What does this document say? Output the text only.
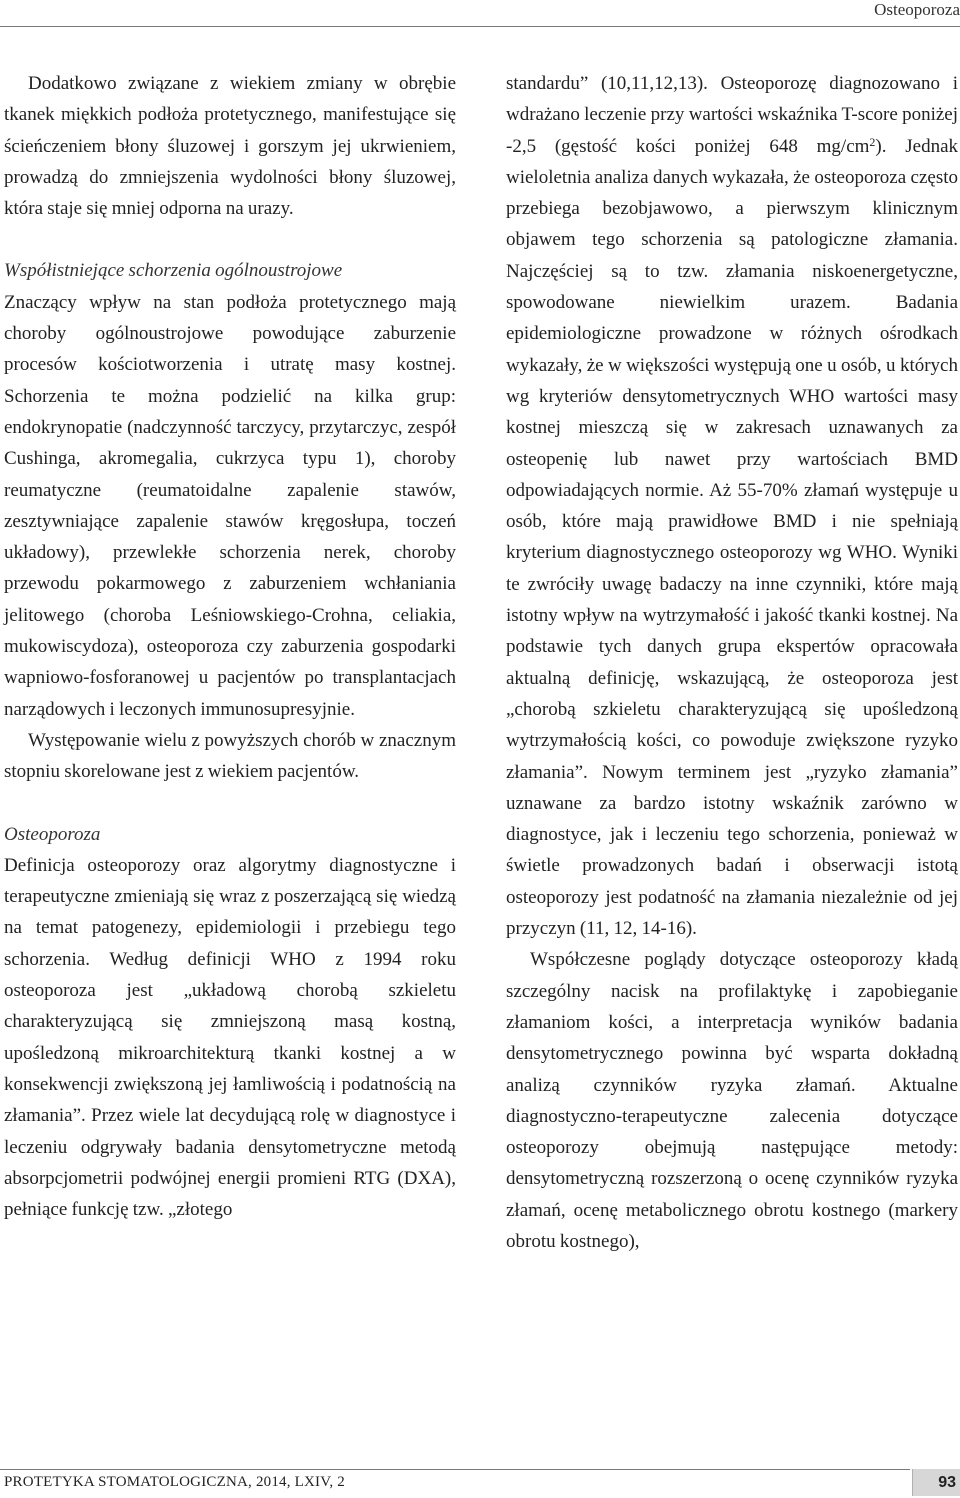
Osteoporoza

Dodatkowo związane z wiekiem zmiany w obrębie tkanek miękkich podłoża protetycznego, manifestujące się ścieńczeniem błony śluzowej i gorszym jej ukrwieniem, prowadzą do zmniejszenia wydolności błony śluzowej, która staje się mniej odporna na urazy.

Współistniejące schorzenia ogólnoustrojowe

Znaczący wpływ na stan podłoża protetycznego mają choroby ogólnoustrojowe powodujące zaburzenie procesów kościotworzenia i utratę masy kostnej. Schorzenia te można podzielić na kilka grup: endokrynopatie (nadczynność tarczycy, przytarczyc, zespół Cushinga, akromegalia, cukrzyca typu 1), choroby reumatyczne (reumatoidalne zapalenie stawów, zesztywniające zapalenie stawów kręgosłupa, toczeń układowy), przewlekłe schorzenia nerek, choroby przewodu pokarmowego z zaburzeniem wchłaniania jelitowego (choroba Leśniowskiego-Crohna, celiakia, mukowiscydoza), osteoporoza czy zaburzenia gospodarki wapniowo-fosforanowej u pacjentów po transplantacjach narządowych i leczonych immunosupresyjnie.

Występowanie wielu z powyższych chorób w znacznym stopniu skorelowane jest z wiekiem pacjentów.

Osteoporoza

Definicja osteoporozy oraz algorytmy diagnostyczne i terapeutyczne zmieniają się wraz z poszerzającą się wiedzą na temat patogenezy, epidemiologii i przebiegu tego schorzenia. Według definicji WHO z 1994 roku osteoporoza jest „układową chorobą szkieletu charakteryzującą się zmniejszoną masą kostną, upośledzoną mikroarchitekturą tkanki kostnej a w konsekwencji zwiększoną jej łamliwością i podatnością na złamania”. Przez wiele lat decydującą rolę w diagnostyce i leczeniu odgrywały badania densytometryczne metodą absorpcjometrii podwójnej energii promieni RTG (DXA), pełniące funkcję tzw. „złotego

standardu” (10,11,12,13). Osteoporozę diagnozowano i wdrażano leczenie przy wartości wskaźnika T-score poniżej -2,5 (gęstość kości poniżej 648 $mg/cm^2$). Jednak wieloletnia analiza danych wykazała, że osteoporoza często przebiega bezobjawowo, a pierwszym klinicznym objawem tego schorzenia są patologiczne złamania. Najczęściej są to tzw. złamania niskoenergetyczne, spowodowane niewielkim urazem. Badania epidemiologiczne prowadzone w różnych ośrodkach wykazały, że w większości występują one u osób, u których wg kryteriów densytometrycznych WHO wartości masy kostnej mieszczą się w zakresach uznawanych za osteopenię lub nawet przy wartościach BMD odpowiadających normie. Aż 55-70% złamań występuje u osób, które mają prawidłowe BMD i nie spełniają kryterium diagnostycznego osteoporozy wg WHO. Wyniki te zwróciły uwagę badaczy na inne czynniki, które mają istotny wpływ na wytrzymałość i jakość tkanki kostnej. Na podstawie tych danych grupa ekspertów opracowała aktualną definicję, wskazującą, że osteoporoza jest „chorobą szkieletu charakteryzującą się upośledzoną wytrzymałością kości, co powoduje zwiększone ryzyko złamania”. Nowym terminem jest „ryzyko złamania” uznawane za bardzo istotny wskaźnik zarówno w diagnostyce, jak i leczeniu tego schorzenia, ponieważ w świetle prowadzonych badań i obserwacji istotą osteoporozy jest podatność na złamania niezależnie od jej przyczyn (11, 12, 14-16).

Współczesne poglądy dotyczące osteoporozy kładą szczególny nacisk na profilaktykę i zapobieganie złamaniom kości, a interpretacja wyników badania densytometrycznego powinna być wsparta dokładną analizą czynników ryzyka złamań. Aktualne diagnostyczno-terapeutyczne zalecenia dotyczące osteoporozy obejmują następujące metody: densytometryczną rozszerzoną o ocenę czynników ryzyka złamań, ocenę metabolicznego obrotu kostnego (markery obrotu kostnego),

PROTETYKA STOMATOLOGICZNA, 2014, LXIV, 2	93
